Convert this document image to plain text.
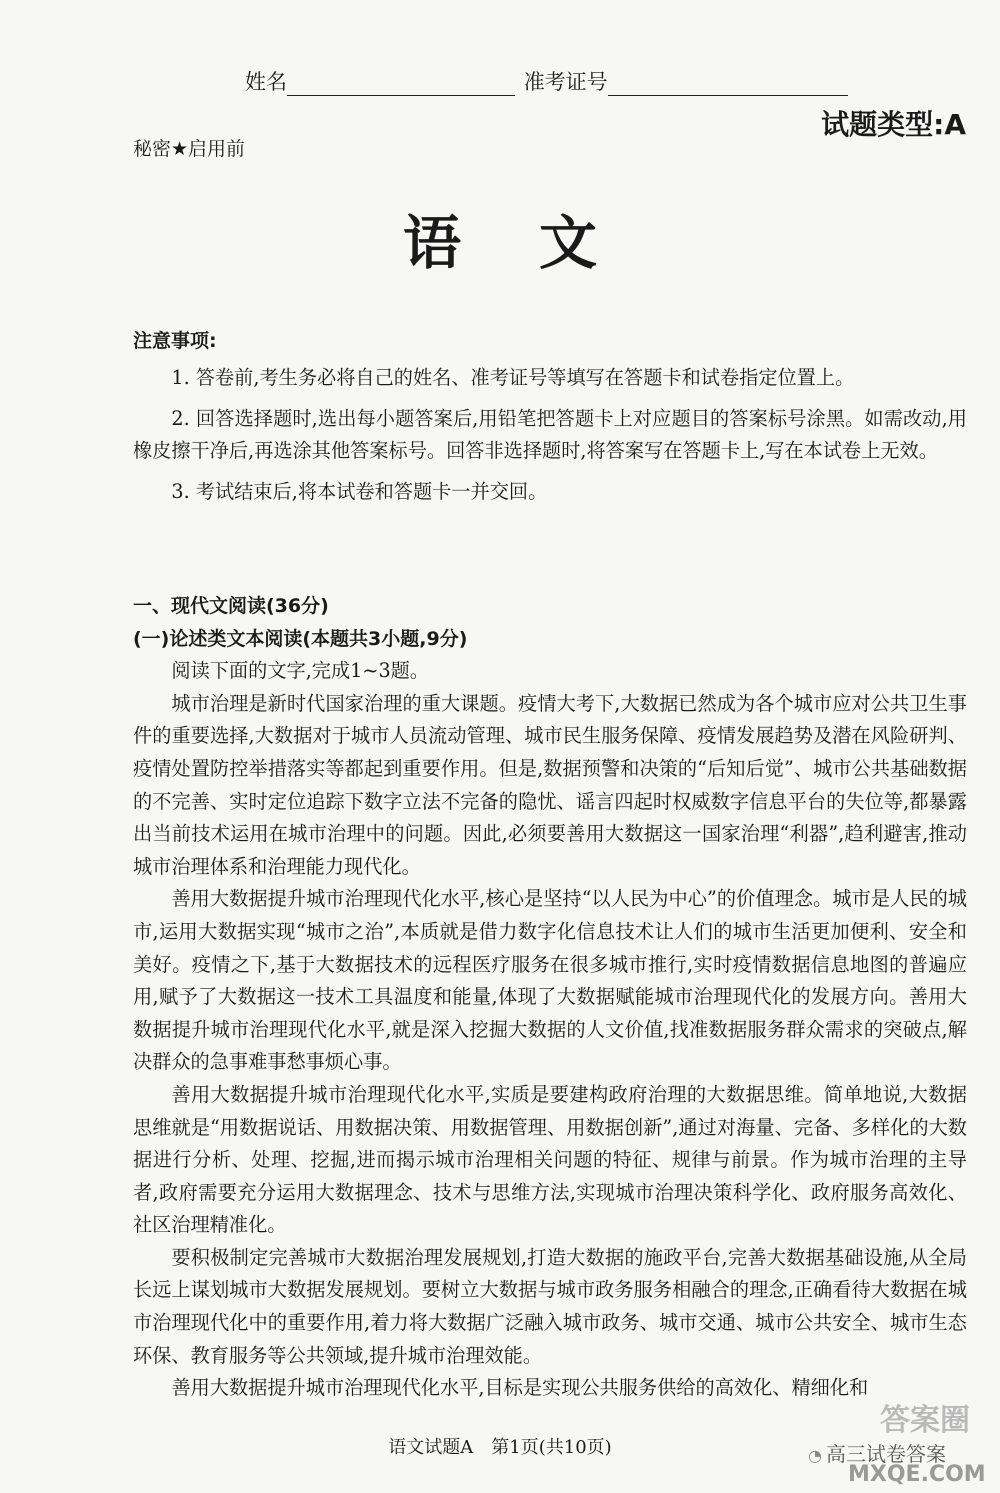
姓名	准考证号
试题类型:A
秘密★启用前
语文
注意事项:

1. 答卷前,考生务必将自己的姓名、准考证号等填写在答题卡和试卷指定位置上。

2. 回答选择题时,选出每小题答案后,用铅笔把答题卡上对应题目的答案标号涂黑。如需改动,用橡皮擦干净后,再选涂其他答案标号。回答非选择题时,将答案写在答题卡上,写在本试卷上无效。

3. 考试结束后,将本试卷和答题卡一并交回。

一、现代文阅读(36分)

(一)论述类文本阅读(本题共3小题,9分)

阅读下面的文字,完成1~3题。

城市治理是新时代国家治理的重大课题。疫情大考下,大数据已然成为各个城市应对公共卫生事件的重要选择,大数据对于城市人员流动管理、城市民生服务保障、疫情发展趋势及潜在风险研判、疫情处置防控举措落实等都起到重要作用。但是,数据预警和决策的“后知后觉”、城市公共基础数据的不完善、实时定位追踪下数字立法不完备的隐忧、谣言四起时权威数字信息平台的失位等,都暴露出当前技术运用在城市治理中的问题。因此,必须要善用大数据这一国家治理“利器”,趋利避害,推动城市治理体系和治理能力现代化。

善用大数据提升城市治理现代化水平,核心是坚持“以人民为中心”的价值理念。城市是人民的城市,运用大数据实现“城市之治”,本质就是借力数字化信息技术让人们的城市生活更加便利、安全和美好。疫情之下,基于大数据技术的远程医疗服务在很多城市推行,实时疫情数据信息地图的普遍应用,赋予了大数据这一技术工具温度和能量,体现了大数据赋能城市治理现代化的发展方向。善用大数据提升城市治理现代化水平,就是深入挖掘大数据的人文价值,找准数据服务群众需求的突破点,解决群众的急事难事愁事烦心事。

善用大数据提升城市治理现代化水平,实质是要建构政府治理的大数据思维。简单地说,大数据思维就是“用数据说话、用数据决策、用数据管理、用数据创新”,通过对海量、完备、多样化的大数据进行分析、处理、挖掘,进而揭示城市治理相关问题的特征、规律与前景。作为城市治理的主导者,政府需要充分运用大数据理念、技术与思维方法,实现城市治理决策科学化、政府服务高效化、社区治理精准化。

要积极制定完善城市大数据治理发展规划,打造大数据的施政平台,完善大数据基础设施,从全局长远上谋划城市大数据发展规划。要树立大数据与城市政务服务相融合的理念,正确看待大数据在城市治理现代化中的重要作用,着力将大数据广泛融入城市政务、城市交通、城市公共安全、城市生态环保、教育服务等公共领域,提升城市治理效能。

善用大数据提升城市治理现代化水平,目标是实现公共服务供给的高效化、精细化和

语文试题A　第1页(共10页)
答案圈
◔ 高三试卷答案
MXQE.COM
